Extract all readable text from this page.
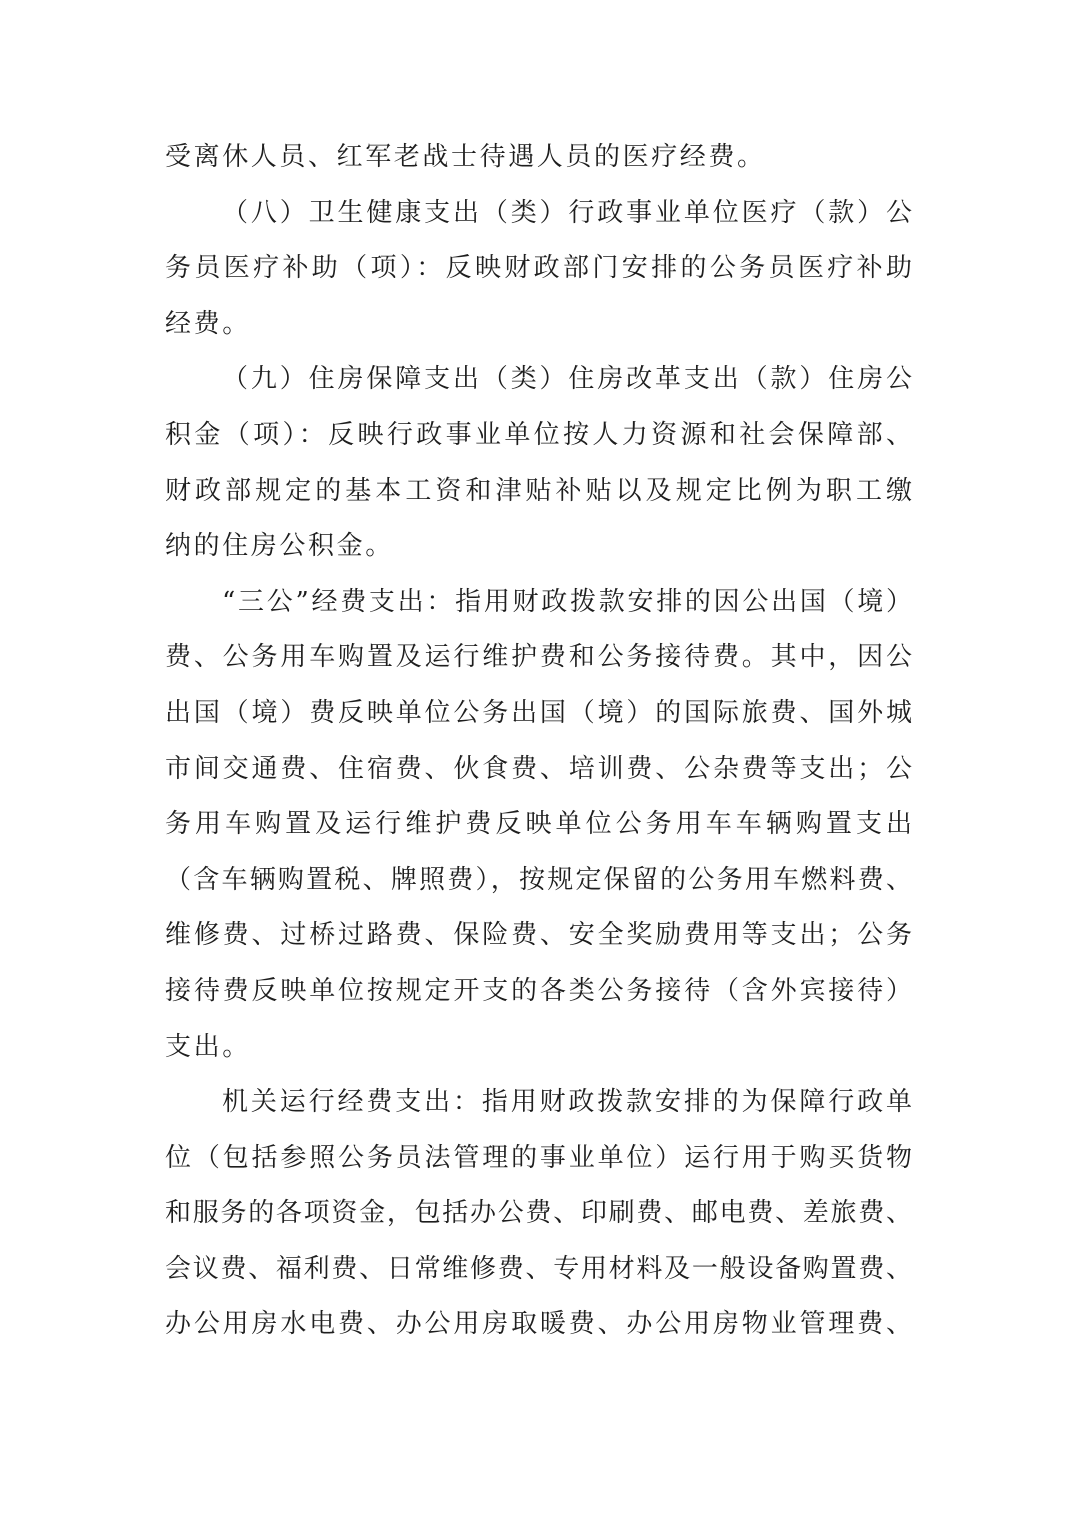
受离休人员、红军老战士待遇人员的医疗经费。
（八）卫生健康支出（类）行政事业单位医疗（款）公
务员医疗补助（项）：反映财政部门安排的公务员医疗补助
经费。
（九）住房保障支出（类）住房改革支出（款）住房公
积金（项）：反映行政事业单位按人力资源和社会保障部、
财政部规定的基本工资和津贴补贴以及规定比例为职工缴
纳的住房公积金。
“三公”经费支出：指用财政拨款安排的因公出国（境）
费、公务用车购置及运行维护费和公务接待费。其中，因公
出国（境）费反映单位公务出国（境）的国际旅费、国外城
市间交通费、住宿费、伙食费、培训费、公杂费等支出；公
务用车购置及运行维护费反映单位公务用车车辆购置支出
（含车辆购置税、牌照费），按规定保留的公务用车燃料费、
维修费、过桥过路费、保险费、安全奖励费用等支出；公务
接待费反映单位按规定开支的各类公务接待（含外宾接待）
支出。
机关运行经费支出：指用财政拨款安排的为保障行政单
位（包括参照公务员法管理的事业单位）运行用于购买货物
和服务的各项资金，包括办公费、印刷费、邮电费、差旅费、
会议费、福利费、日常维修费、专用材料及一般设备购置费、
办公用房水电费、办公用房取暖费、办公用房物业管理费、
